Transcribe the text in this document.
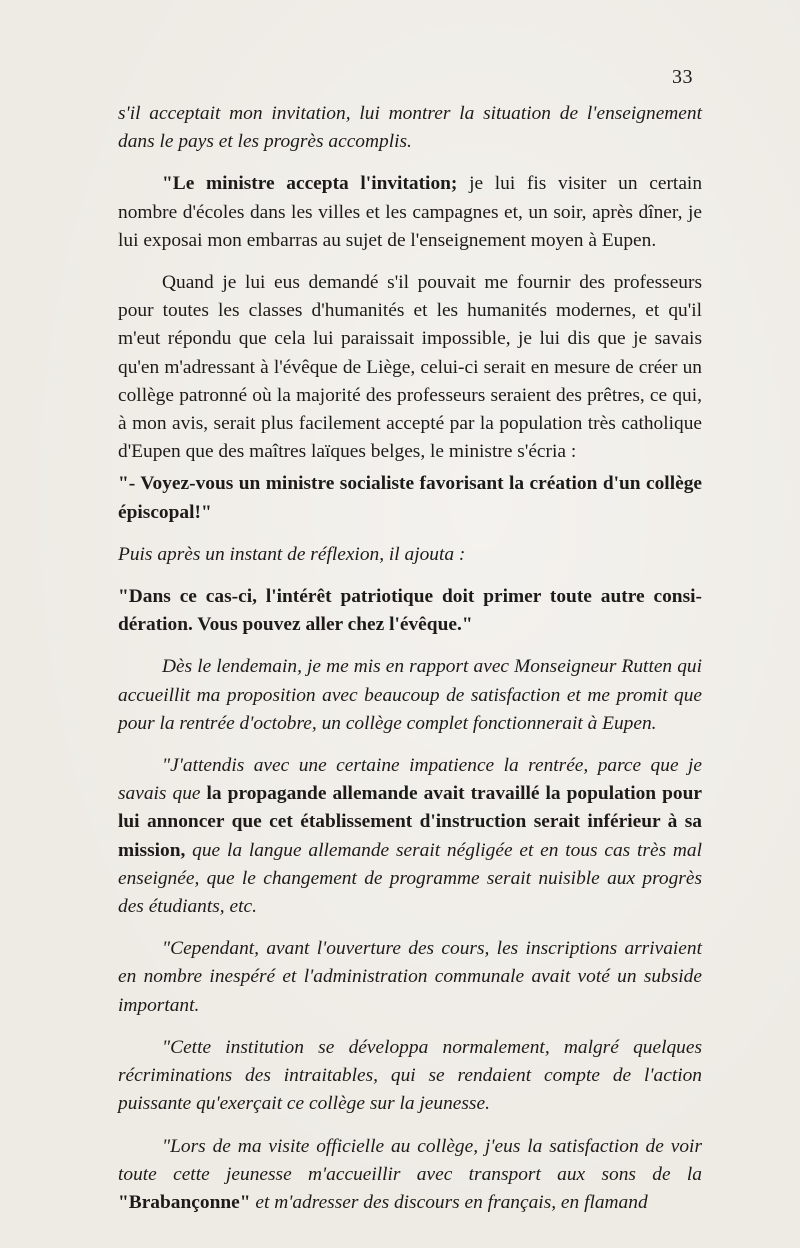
33

s'il acceptait mon invitation, lui montrer la situation de l'enseignement dans le pays et les progrès accomplis.

"Le ministre accepta l'invitation; je lui fis visiter un certain nombre d'écoles dans les villes et les campagnes et, un soir, après dîner, je lui exposai mon embarras au sujet de l'enseignement moyen à Eupen.

Quand je lui eus demandé s'il pouvait me fournir des professeurs pour toutes les classes d'humanités et les humanités modernes, et qu'il m'eut répondu que cela lui paraissait impossible, je lui dis que je savais qu'en m'adressant à l'évêque de Liège, celui-ci serait en mesure de créer un collège patronné où la majorité des professeurs seraient des prêtres, ce qui, à mon avis, serait plus facilement accepté par la population très catholique d'Eupen que des maîtres laïques belges, le ministre s'écria :

"- Voyez-vous un ministre socialiste favorisant la création d'un collège épiscopal!"

Puis après un instant de réflexion, il ajouta :

"Dans ce cas-ci, l'intérêt patriotique doit primer toute autre considération. Vous pouvez aller chez l'évêque."

Dès le lendemain, je me mis en rapport avec Monseigneur Rutten qui accueillit ma proposition avec beaucoup de satisfaction et me promit que pour la rentrée d'octobre, un collège complet fonctionnerait à Eupen.

"J'attendis avec une certaine impatience la rentrée, parce que je savais que la propagande allemande avait travaillé la population pour lui annoncer que cet établissement d'instruction serait inférieur à sa mission, que la langue allemande serait négligée et en tous cas très mal enseignée, que le changement de programme serait nuisible aux progrès des étudiants, etc.

"Cependant, avant l'ouverture des cours, les inscriptions arrivaient en nombre inespéré et l'administration communale avait voté un subside important.

"Cette institution se développa normalement, malgré quelques récriminations des intraitables, qui se rendaient compte de l'action puissante qu'exerçait ce collège sur la jeunesse.

"Lors de ma visite officielle au collège, j'eus la satisfaction de voir toute cette jeunesse m'accueillir avec transport aux sons de la "Brabançonne" et m'adresser des discours en français, en flamand
